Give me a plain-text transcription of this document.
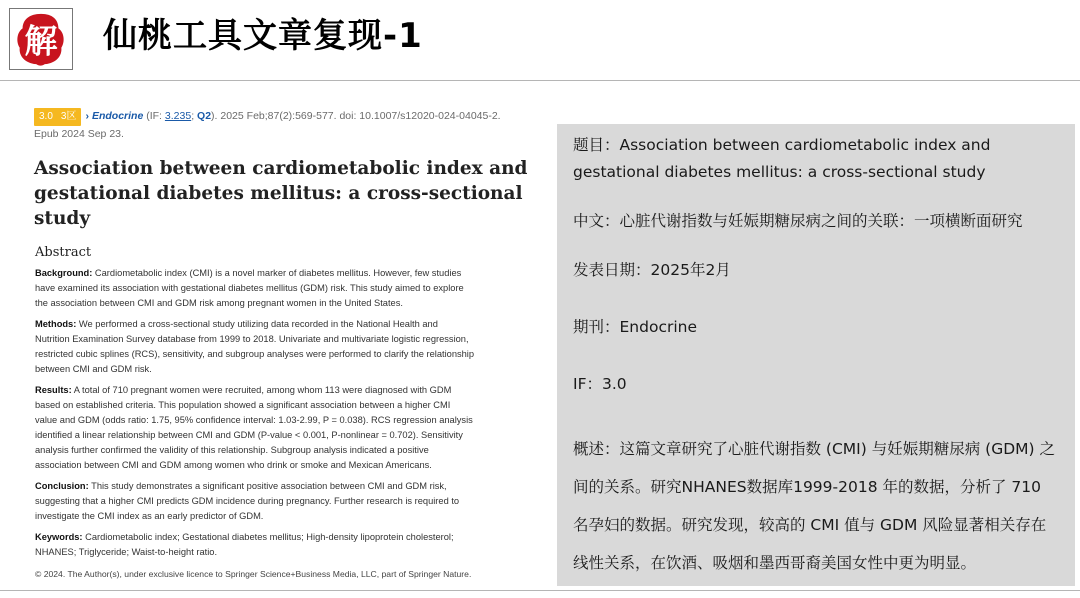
解 仙桃工具文章复现-1
3.0 3区 › Endocrine (IF: 3.235; Q2). 2025 Feb;87(2):569-577. doi: 10.1007/s12020-024-04045-2.
Epub 2024 Sep 23.
Association between cardiometabolic index and gestational diabetes mellitus: a cross-sectional study
Abstract
Background: Cardiometabolic index (CMI) is a novel marker of diabetes mellitus. However, few studies have examined its association with gestational diabetes mellitus (GDM) risk. This study aimed to explore the association between CMI and GDM risk among pregnant women in the United States.
Methods: We performed a cross-sectional study utilizing data recorded in the National Health and Nutrition Examination Survey database from 1999 to 2018. Univariate and multivariate logistic regression, restricted cubic splines (RCS), sensitivity, and subgroup analyses were performed to clarify the relationship between CMI and GDM risk.
Results: A total of 710 pregnant women were recruited, among whom 113 were diagnosed with GDM based on established criteria. This population showed a significant association between a higher CMI value and GDM (odds ratio: 1.75, 95% confidence interval: 1.03-2.99, P = 0.038). RCS regression analysis identified a linear relationship between CMI and GDM (P-value < 0.001, P-nonlinear = 0.702). Sensitivity analysis further confirmed the validity of this relationship. Subgroup analysis indicated a positive association between CMI and GDM among women who drink or smoke and Mexican Americans.
Conclusion: This study demonstrates a significant positive association between CMI and GDM risk, suggesting that a higher CMI predicts GDM incidence during pregnancy. Further research is required to investigate the CMI index as an early predictor of GDM.
Keywords: Cardiometabolic index; Gestational diabetes mellitus; High-density lipoprotein cholesterol; NHANES; Triglyceride; Waist-to-height ratio.
© 2024. The Author(s), under exclusive licence to Springer Science+Business Media, LLC, part of Springer Nature.

题目：Association between cardiometabolic index and gestational diabetes mellitus: a cross-sectional study

中文：心脏代谢指数与妊娠期糖尿病之间的关联：一项横断面研究

发表日期：2025年2月

期刊：Endocrine

IF：3.0

概述：这篇文章研究了心脏代谢指数 (CMI) 与妊娠期糖尿病 (GDM) 之间的关系。研究NHANES数据库1999-2018 年的数据，分析了 710 名孕妇的数据。研究发现，较高的 CMI 值与 GDM 风险显著相关存在线性关系，在饮酒、吸烟和墨西哥裔美国女性中更为明显。
